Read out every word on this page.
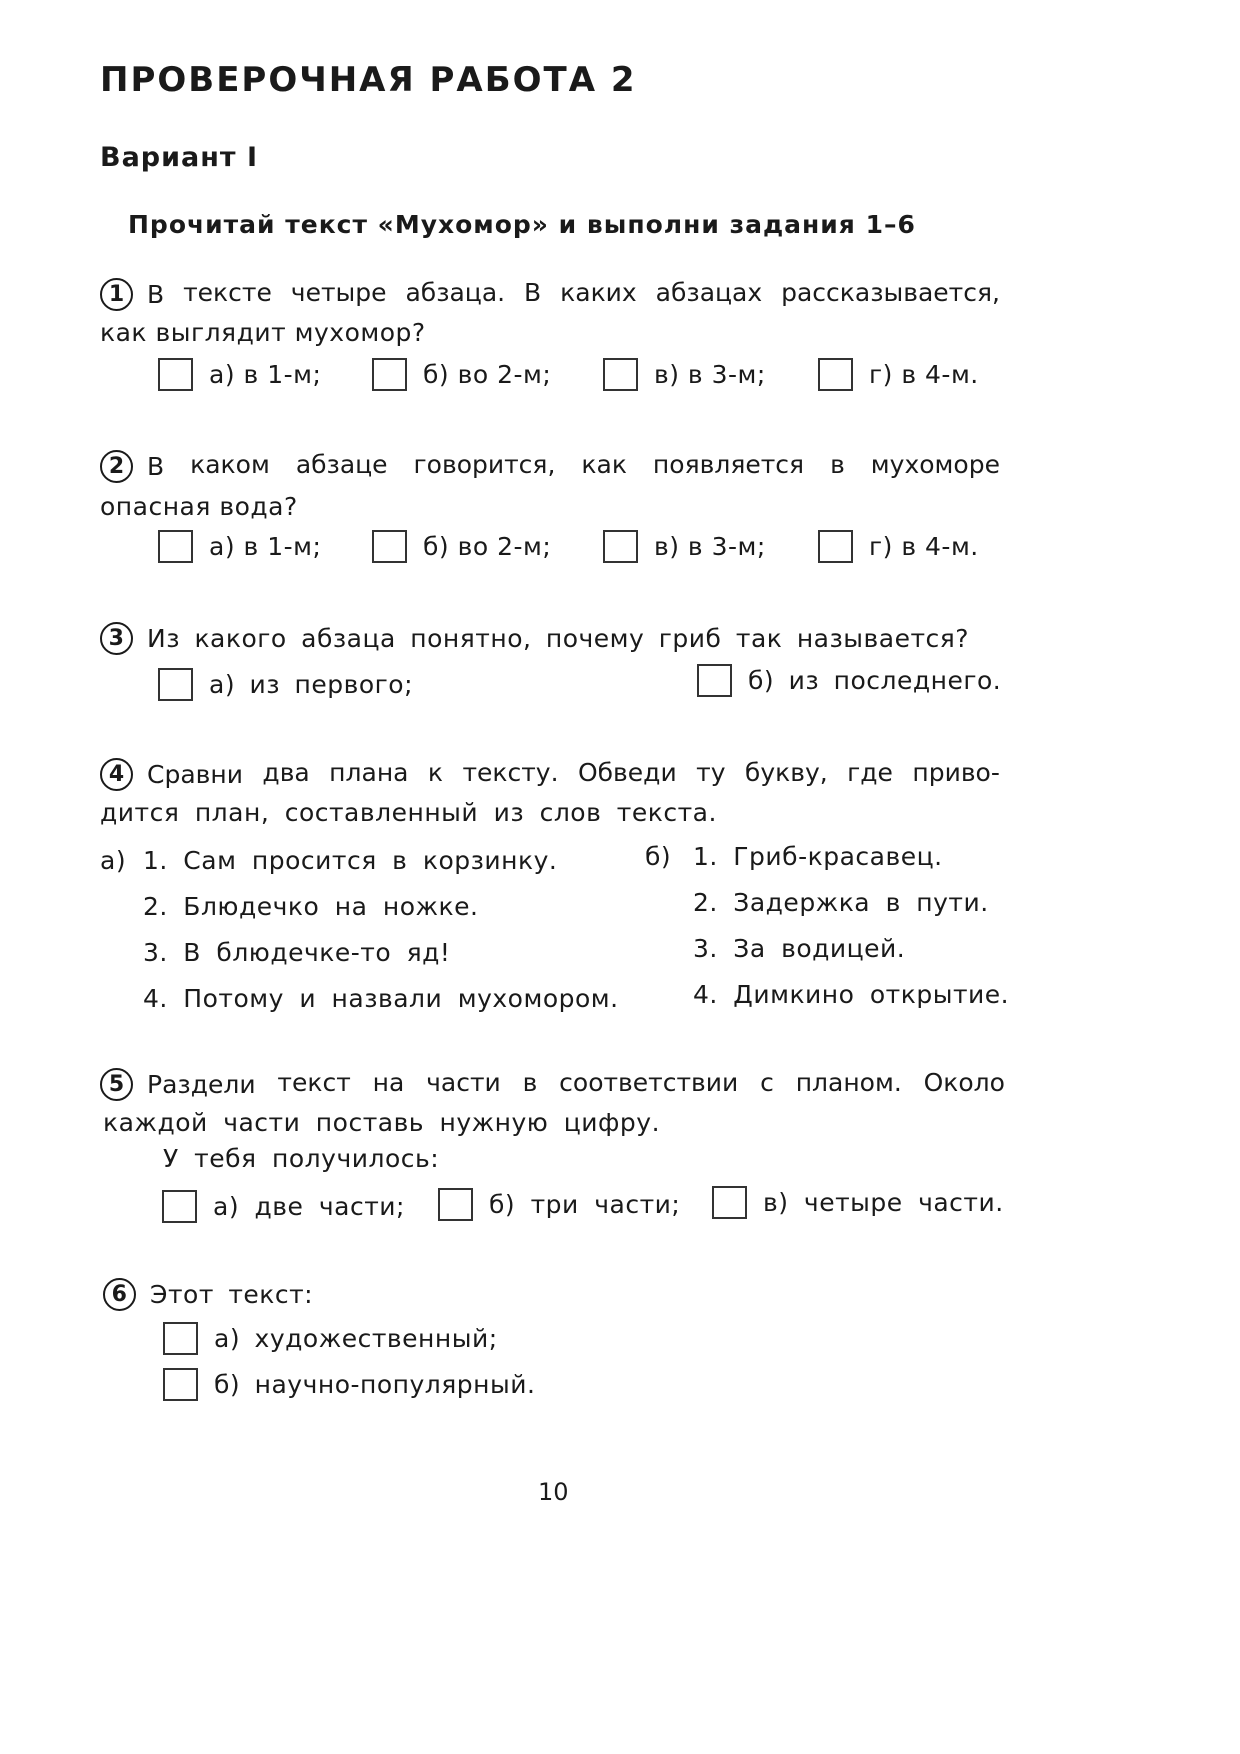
ПРОВЕРОЧНАЯ РАБОТА 2
Вариант I
Прочитай текст «Мухомор» и выполни задания 1–6
1 В тексте четыре абзаца. В каких абзацах рассказывается,
как выглядит мухомор?
а) в 1-м;	б) во 2-м;	в) в 3-м;	г) в 4-м.
2 В каком абзаце говорится, как появляется в мухоморе
опасная вода?
а) в 1-м;	б) во 2-м;	в) в 3-м;	г) в 4-м.
3 Из какого абзаца понятно, почему гриб так называется?
а) из первого;	б) из последнего.
4 Сравни два плана к тексту. Обведи ту букву, где приво-
дится план, составленный из слов текста.
а) 1. Сам просится в корзинку.
2. Блюдечко на ножке.
3. В блюдечке-то яд!
4. Потому и назвали мухомором.
б) 1. Гриб-красавец.
2. Задержка в пути.
3. За водицей.
4. Димкино открытие.
5 Раздели текст на части в соответствии с планом. Около
каждой части поставь нужную цифру.
У тебя получилось:
а) две части;	б) три части;	в) четыре части.
6 Этот текст:
а) художественный;
б) научно-популярный.
10
